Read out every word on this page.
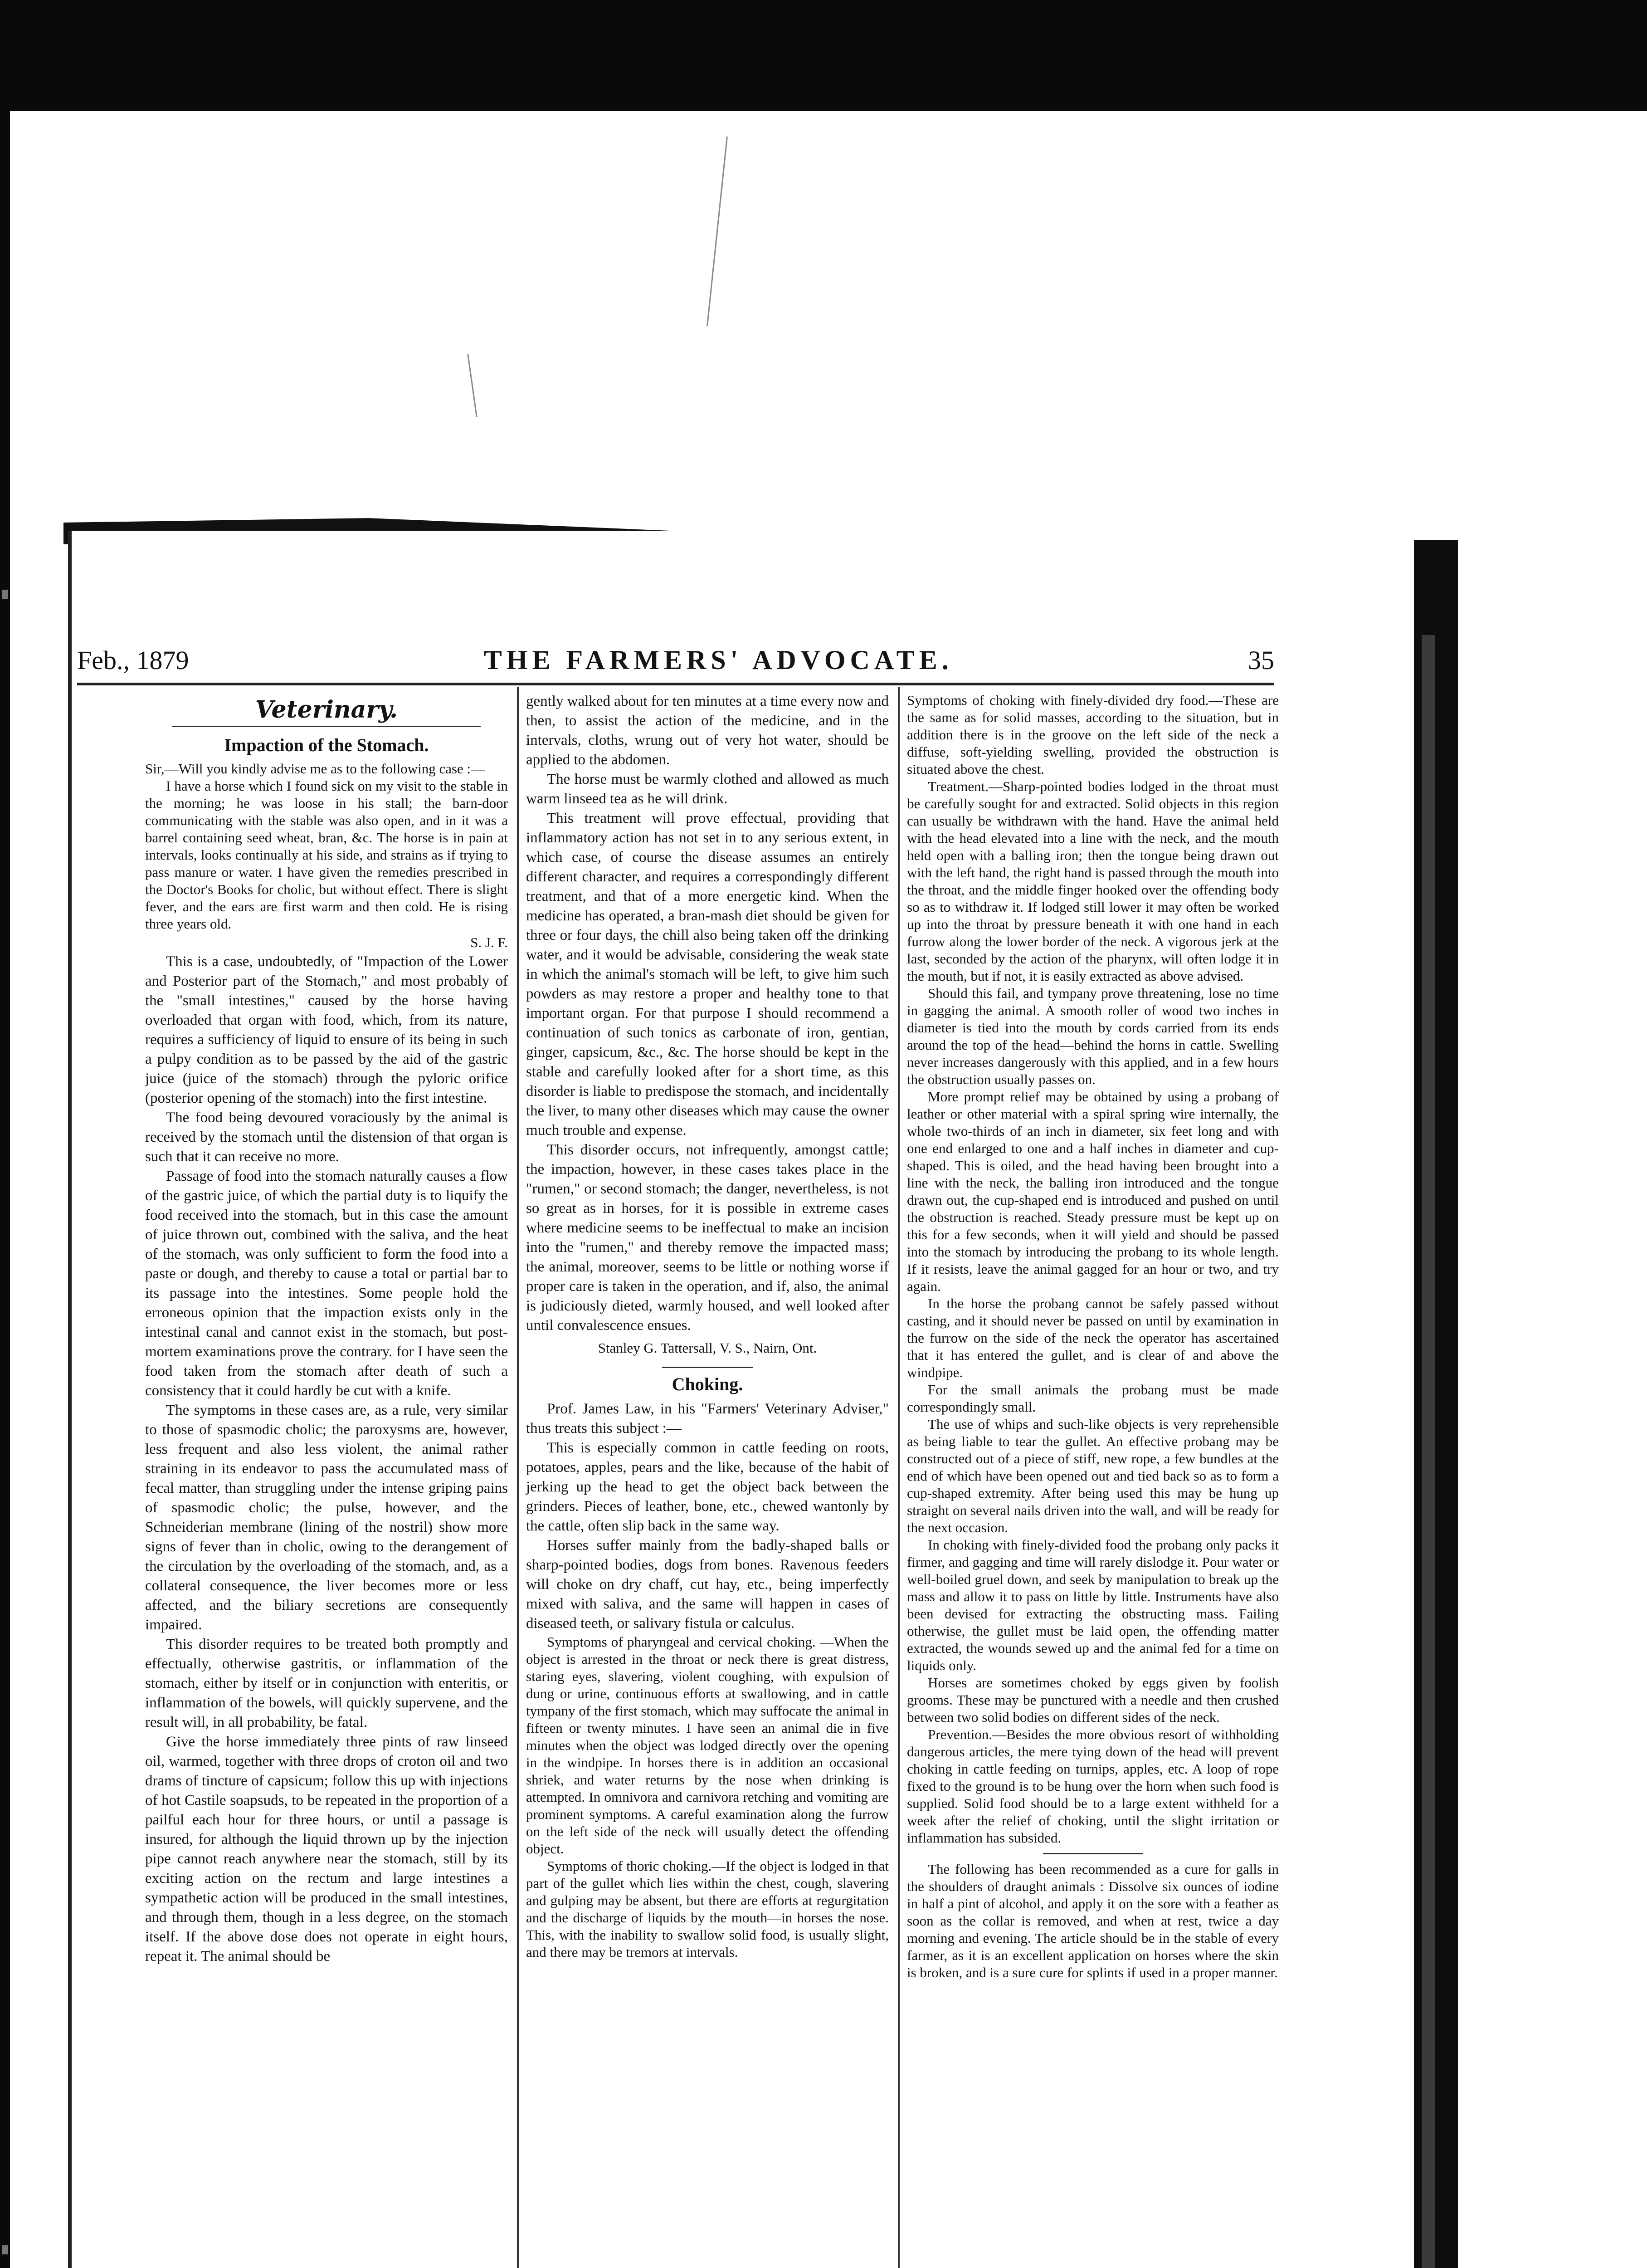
Feb., 1879	THE FARMERS' ADVOCATE.	35
Veterinary.
Impaction of the Stomach.

Sir,—Will you kindly advise me as to the following case :—

I have a horse which I found sick on my visit to the stable in the morning; he was loose in his stall; the barn-door communicating with the stable was also open, and in it was a barrel containing seed wheat, bran, &c. The horse is in pain at intervals, looks continually at his side, and strains as if trying to pass manure or water. I have given the remedies prescribed in the Doctor's Books for cholic, but without effect. There is slight fever, and the ears are first warm and then cold. He is rising three years old.

S. J. F.

This is a case, undoubtedly, of "Impaction of the Lower and Posterior part of the Stomach," and most probably of the "small intestines," caused by the horse having overloaded that organ with food, which, from its nature, requires a sufficiency of liquid to ensure of its being in such a pulpy condition as to be passed by the aid of the gastric juice (juice of the stomach) through the pyloric orifice (posterior opening of the stomach) into the first intestine.

The food being devoured voraciously by the animal is received by the stomach until the distension of that organ is such that it can receive no more.

Passage of food into the stomach naturally causes a flow of the gastric juice, of which the partial duty is to liquify the food received into the stomach, but in this case the amount of juice thrown out, combined with the saliva, and the heat of the stomach, was only sufficient to form the food into a paste or dough, and thereby to cause a total or partial bar to its passage into the intestines. Some people hold the erroneous opinion that the impaction exists only in the intestinal canal and cannot exist in the stomach, but post-mortem examinations prove the contrary. for I have seen the food taken from the stomach after death of such a consistency that it could hardly be cut with a knife.

The symptoms in these cases are, as a rule, very similar to those of spasmodic cholic; the paroxysms are, however, less frequent and also less violent, the animal rather straining in its endeavor to pass the accumulated mass of fecal matter, than struggling under the intense griping pains of spasmodic cholic; the pulse, however, and the Schneiderian membrane (lining of the nostril) show more signs of fever than in cholic, owing to the derangement of the circulation by the overloading of the stomach, and, as a collateral consequence, the liver becomes more or less affected, and the biliary secretions are consequently impaired.

This disorder requires to be treated both promptly and effectually, otherwise gastritis, or inflammation of the stomach, either by itself or in conjunction with enteritis, or inflammation of the bowels, will quickly supervene, and the result will, in all probability, be fatal.

Give the horse immediately three pints of raw linseed oil, warmed, together with three drops of croton oil and two drams of tincture of capsicum; follow this up with injections of hot Castile soapsuds, to be repeated in the proportion of a pailful each hour for three hours, or until a passage is insured, for although the liquid thrown up by the injection pipe cannot reach anywhere near the stomach, still by its exciting action on the rectum and large intestines a sympathetic action will be produced in the small intestines, and through them, though in a less degree, on the stomach itself. If the above dose does not operate in eight hours, repeat it. The animal should be

gently walked about for ten minutes at a time every now and then, to assist the action of the medicine, and in the intervals, cloths, wrung out of very hot water, should be applied to the abdomen.

The horse must be warmly clothed and allowed as much warm linseed tea as he will drink.

This treatment will prove effectual, providing that inflammatory action has not set in to any serious extent, in which case, of course the disease assumes an entirely different character, and requires a correspondingly different treatment, and that of a more energetic kind. When the medicine has operated, a bran-mash diet should be given for three or four days, the chill also being taken off the drinking water, and it would be advisable, considering the weak state in which the animal's stomach will be left, to give him such powders as may restore a proper and healthy tone to that important organ. For that purpose I should recommend a continuation of such tonics as carbonate of iron, gentian, ginger, capsicum, &c., &c. The horse should be kept in the stable and carefully looked after for a short time, as this disorder is liable to predispose the stomach, and incidentally the liver, to many other diseases which may cause the owner much trouble and expense.

This disorder occurs, not infrequently, amongst cattle; the impaction, however, in these cases takes place in the "rumen," or second stomach; the danger, nevertheless, is not so great as in horses, for it is possible in extreme cases where medicine seems to be ineffectual to make an incision into the "rumen," and thereby remove the impacted mass; the animal, moreover, seems to be little or nothing worse if proper care is taken in the operation, and if, also, the animal is judiciously dieted, warmly housed, and well looked after until convalescence ensues.

Stanley G. Tattersall, V. S., Nairn, Ont.
Choking.

Prof. James Law, in his "Farmers' Veterinary Adviser," thus treats this subject :—

This is especially common in cattle feeding on roots, potatoes, apples, pears and the like, because of the habit of jerking up the head to get the object back between the grinders. Pieces of leather, bone, etc., chewed wantonly by the cattle, often slip back in the same way.

Horses suffer mainly from the badly-shaped balls or sharp-pointed bodies, dogs from bones. Ravenous feeders will choke on dry chaff, cut hay, etc., being imperfectly mixed with saliva, and the same will happen in cases of diseased teeth, or salivary fistula or calculus.

Symptoms of pharyngeal and cervical choking. —When the object is arrested in the throat or neck there is great distress, staring eyes, slavering, violent coughing, with expulsion of dung or urine, continuous efforts at swallowing, and in cattle tympany of the first stomach, which may suffocate the animal in fifteen or twenty minutes. I have seen an animal die in five minutes when the object was lodged directly over the opening in the windpipe. In horses there is in addition an occasional shriek, and water returns by the nose when drinking is attempted. In omnivora and carnivora retching and vomiting are prominent symptoms. A careful examination along the furrow on the left side of the neck will usually detect the offending object.

Symptoms of thoric choking.—If the object is lodged in that part of the gullet which lies within the chest, cough, slavering and gulping may be absent, but there are efforts at regurgitation and the discharge of liquids by the mouth—in horses the nose. This, with the inability to swallow solid food, is usually slight, and there may be tremors at intervals.

Symptoms of choking with finely-divided dry food.—These are the same as for solid masses, according to the situation, but in addition there is in the groove on the left side of the neck a diffuse, soft-yielding swelling, provided the obstruction is situated above the chest.

Treatment.—Sharp-pointed bodies lodged in the throat must be carefully sought for and extracted. Solid objects in this region can usually be withdrawn with the hand. Have the animal held with the head elevated into a line with the neck, and the mouth held open with a balling iron; then the tongue being drawn out with the left hand, the right hand is passed through the mouth into the throat, and the middle finger hooked over the offending body so as to withdraw it. If lodged still lower it may often be worked up into the throat by pressure beneath it with one hand in each furrow along the lower border of the neck. A vigorous jerk at the last, seconded by the action of the pharynx, will often lodge it in the mouth, but if not, it is easily extracted as above advised.

Should this fail, and tympany prove threatening, lose no time in gagging the animal. A smooth roller of wood two inches in diameter is tied into the mouth by cords carried from its ends around the top of the head—behind the horns in cattle. Swelling never increases dangerously with this applied, and in a few hours the obstruction usually passes on.

More prompt relief may be obtained by using a probang of leather or other material with a spiral spring wire internally, the whole two-thirds of an inch in diameter, six feet long and with one end enlarged to one and a half inches in diameter and cup-shaped. This is oiled, and the head having been brought into a line with the neck, the balling iron introduced and the tongue drawn out, the cup-shaped end is introduced and pushed on until the obstruction is reached. Steady pressure must be kept up on this for a few seconds, when it will yield and should be passed into the stomach by introducing the probang to its whole length. If it resists, leave the animal gagged for an hour or two, and try again.

In the horse the probang cannot be safely passed without casting, and it should never be passed on until by examination in the furrow on the side of the neck the operator has ascertained that it has entered the gullet, and is clear of and above the windpipe.

For the small animals the probang must be made correspondingly small.

The use of whips and such-like objects is very reprehensible as being liable to tear the gullet. An effective probang may be constructed out of a piece of stiff, new rope, a few bundles at the end of which have been opened out and tied back so as to form a cup-shaped extremity. After being used this may be hung up straight on several nails driven into the wall, and will be ready for the next occasion.

In choking with finely-divided food the probang only packs it firmer, and gagging and time will rarely dislodge it. Pour water or well-boiled gruel down, and seek by manipulation to break up the mass and allow it to pass on little by little. Instruments have also been devised for extracting the obstructing mass. Failing otherwise, the gullet must be laid open, the offending matter extracted, the wounds sewed up and the animal fed for a time on liquids only.

Horses are sometimes choked by eggs given by foolish grooms. These may be punctured with a needle and then crushed between two solid bodies on different sides of the neck.

Prevention.—Besides the more obvious resort of withholding dangerous articles, the mere tying down of the head will prevent choking in cattle feeding on turnips, apples, etc. A loop of rope fixed to the ground is to be hung over the horn when such food is supplied. Solid food should be to a large extent withheld for a week after the relief of choking, until the slight irritation or inflammation has subsided.

The following has been recommended as a cure for galls in the shoulders of draught animals : Dissolve six ounces of iodine in half a pint of alcohol, and apply it on the sore with a feather as soon as the collar is removed, and when at rest, twice a day morning and evening. The article should be in the stable of every farmer, as it is an excellent application on horses where the skin is broken, and is a sure cure for splints if used in a proper manner.
